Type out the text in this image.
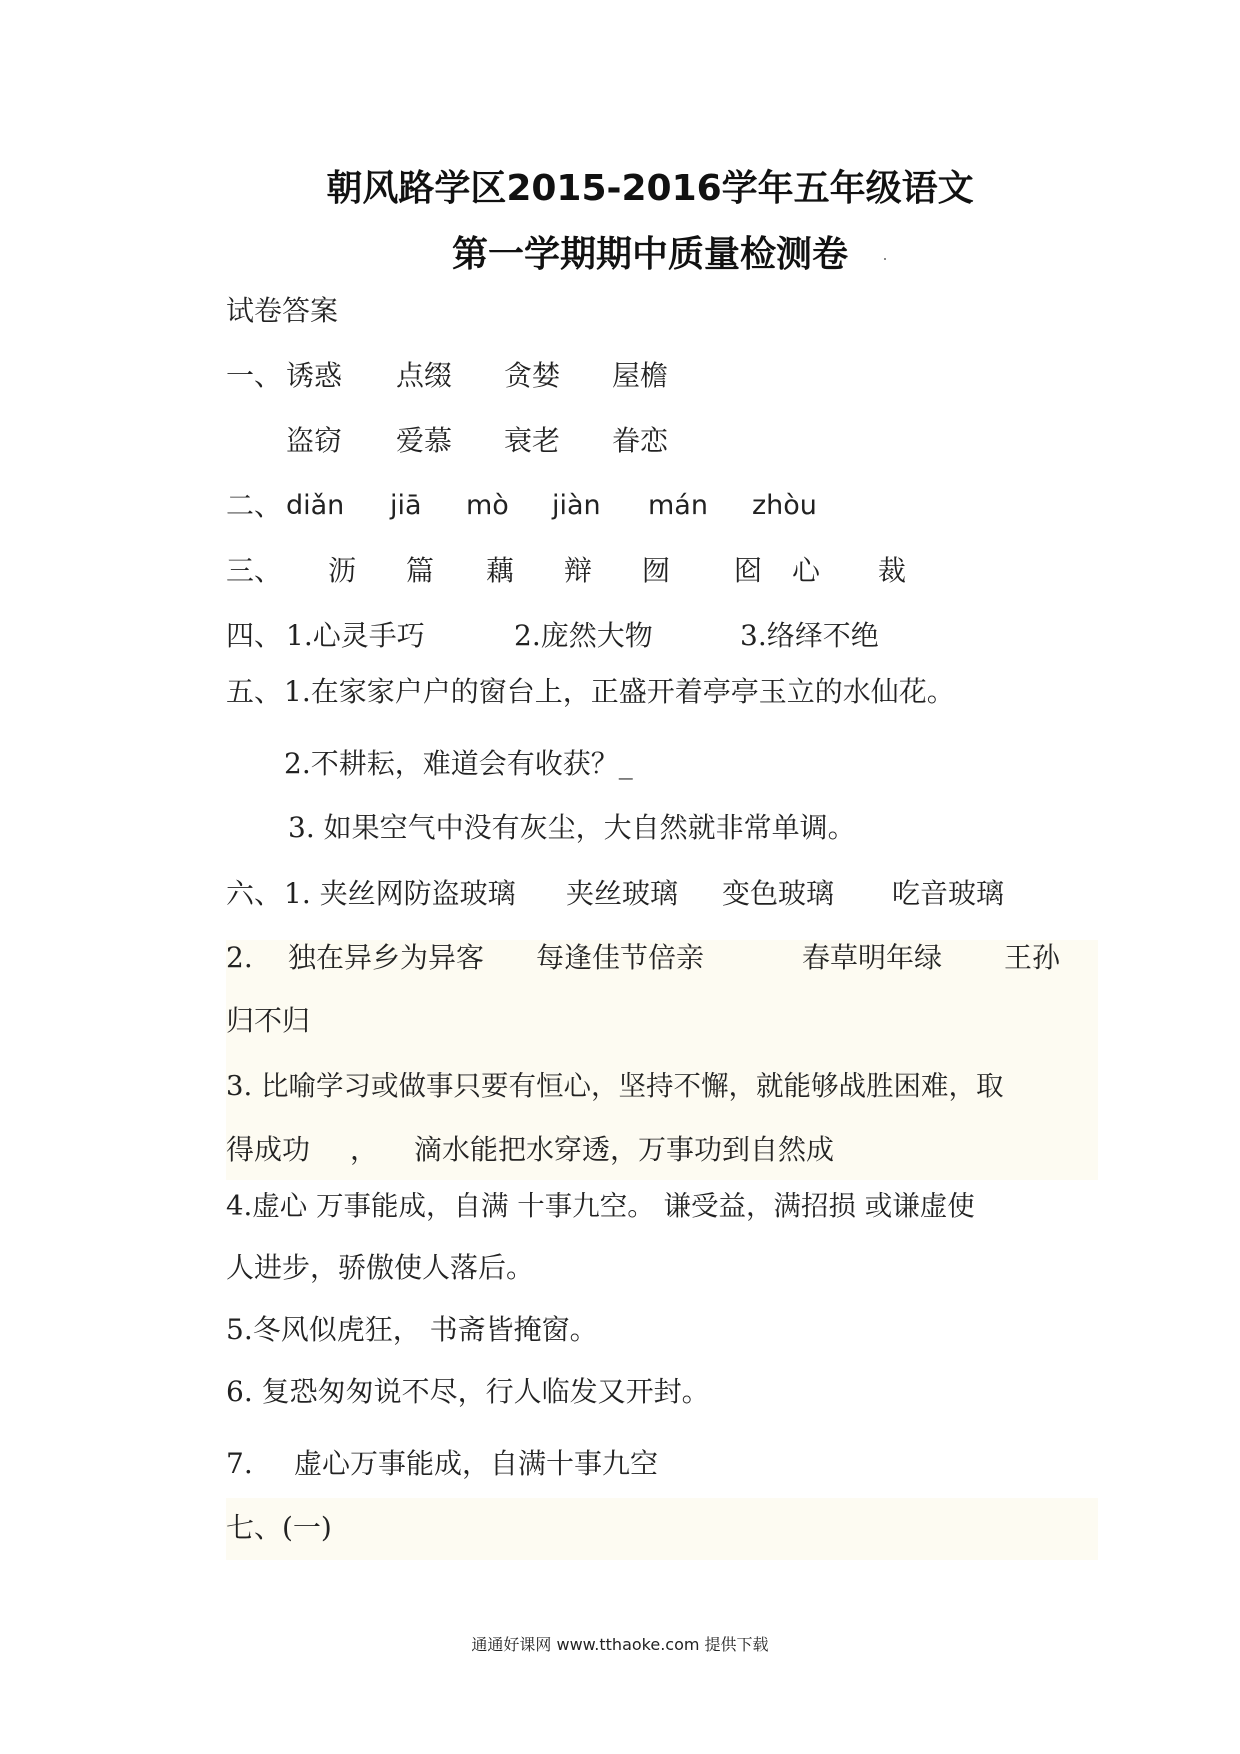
朝风路学区2015-2016学年五年级语文
第一学期期中质量检测卷
试卷答案
一、 诱惑 点缀 贪婪 屋檐
盗窃 爱慕 衰老 眷恋
二、 diǎn jiā mò jiàn mán zhòu
三、 沥 篇 藕 辩 囫 囵 心 裁
四、 1.心灵手巧	2.庞然大物	3.络绎不绝
五、 1.在家家户户的窗台上，正盛开着亭亭玉立的水仙花。
2.不耕耘，难道会有收获？_
3. 如果空气中没有灰尘，大自然就非常单调。
六、 1. 夹丝网防盗玻璃 夹丝玻璃 变色玻璃 吃音玻璃
2. 独在异乡为异客 每逢佳节倍亲	春草明年绿 王孙
归不归
3. 比喻学习或做事只要有恒心，坚持不懈，就能够战胜困难，取
得成功 ， 滴水能把水穿透，万事功到自然成
4.虚心 万事能成，自满 十事九空。 谦受益，满招损 或谦虚使
人进步，骄傲使人落后。
5.冬风似虎狂， 书斋皆掩窗。
6. 复恐匆匆说不尽，行人临发又开封。
7. 虚心万事能成，自满十事九空
七、(一)
通通好课网 www.tthaoke.com 提供下载
